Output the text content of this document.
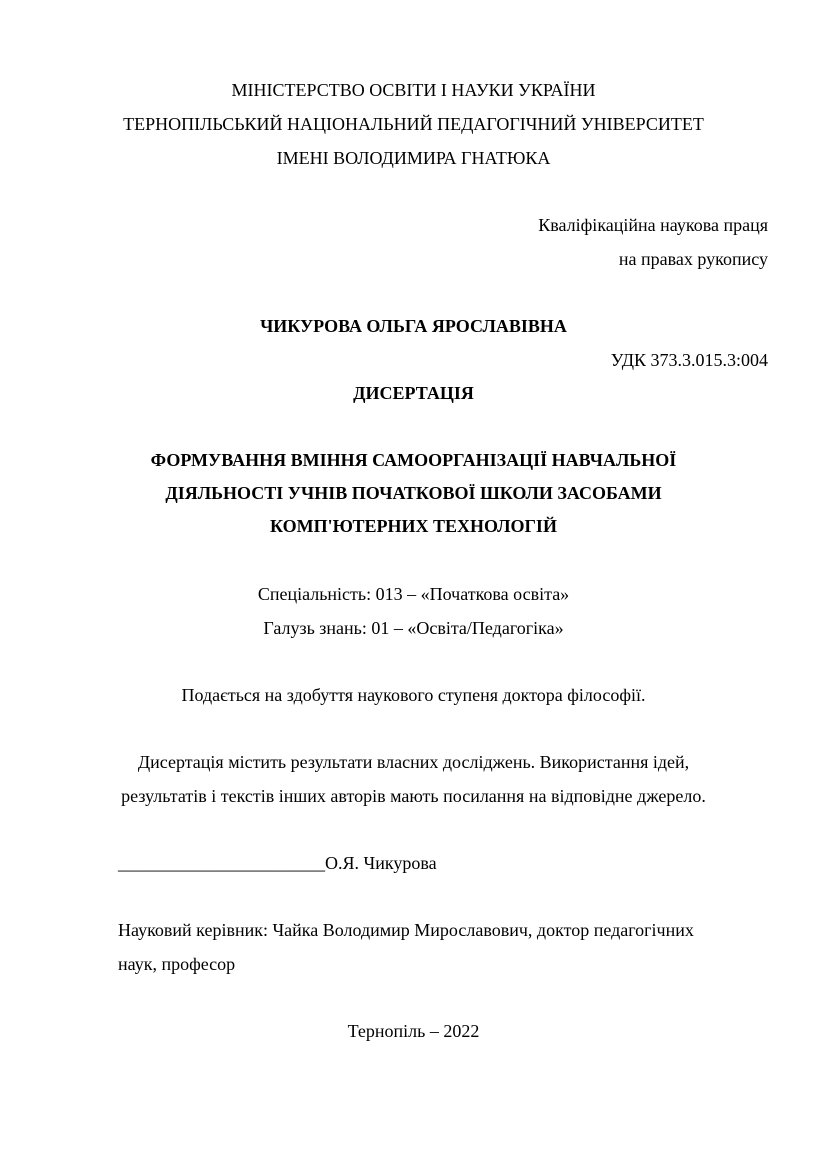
МІНІСТЕРСТВО ОСВІТИ І НАУКИ УКРАЇНИ
ТЕРНОПІЛЬСЬКИЙ НАЦІОНАЛЬНИЙ ПЕДАГОГІЧНИЙ УНІВЕРСИТЕТ
ІМЕНІ ВОЛОДИМИРА ГНАТЮКА
Кваліфікаційна наукова праця
на правах рукопису
ЧИКУРОВА ОЛЬГА ЯРОСЛАВІВНА
УДК 373.3.015.3:004
ДИСЕРТАЦІЯ
ФОРМУВАННЯ ВМІННЯ САМООРГАНІЗАЦІЇ НАВЧАЛЬНОЇ
ДІЯЛЬНОСТІ УЧНІВ ПОЧАТКОВОЇ ШКОЛИ ЗАСОБАМИ
КОМП'ЮТЕРНИХ ТЕХНОЛОГІЙ
Спеціальність: 013 – «Початкова освіта»
Галузь знань: 01 – «Освіта/Педагогіка»
Подається на здобуття наукового ступеня доктора філософії.
Дисертація містить результати власних досліджень. Використання ідей,
результатів і текстів інших авторів мають посилання на відповідне джерело.
_______________________О.Я. Чикурова
Науковий керівник: Чайка Володимир Мирославович, доктор педагогічних
наук, професор
Тернопіль – 2022
